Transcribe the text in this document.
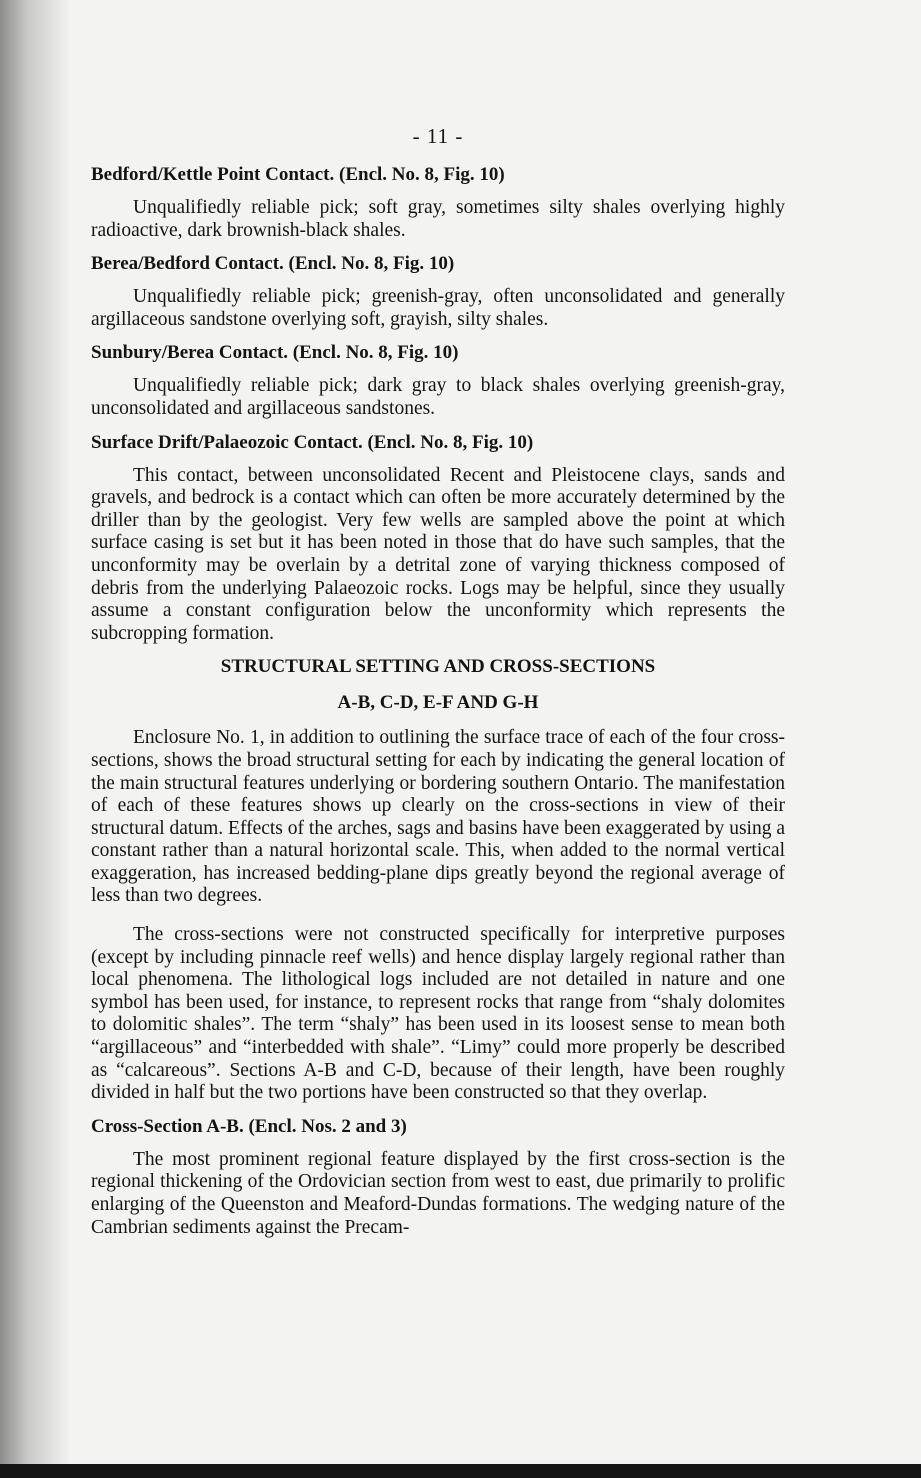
- 11 -
Bedford/Kettle Point Contact. (Encl. No. 8, Fig. 10)

Unqualifiedly reliable pick; soft gray, sometimes silty shales overlying highly radioactive, dark brownish-black shales.

Berea/Bedford Contact. (Encl. No. 8, Fig. 10)

Unqualifiedly reliable pick; greenish-gray, often unconsolidated and generally argillaceous sandstone overlying soft, grayish, silty shales.

Sunbury/Berea Contact. (Encl. No. 8, Fig. 10)

Unqualifiedly reliable pick; dark gray to black shales overlying greenish-gray, unconsolidated and argillaceous sandstones.

Surface Drift/Palaeozoic Contact. (Encl. No. 8, Fig. 10)

This contact, between unconsolidated Recent and Pleistocene clays, sands and gravels, and bedrock is a contact which can often be more accurately determined by the driller than by the geologist. Very few wells are sampled above the point at which surface casing is set but it has been noted in those that do have such samples, that the unconformity may be overlain by a detrital zone of varying thickness composed of debris from the underlying Palaeozoic rocks. Logs may be helpful, since they usually assume a constant configuration below the unconformity which represents the subcropping formation.

STRUCTURAL SETTING AND CROSS-SECTIONS
A-B, C-D, E-F AND G-H

Enclosure No. 1, in addition to outlining the surface trace of each of the four cross-sections, shows the broad structural setting for each by indicating the general location of the main structural features underlying or bordering southern Ontario. The manifestation of each of these features shows up clearly on the cross-sections in view of their structural datum. Effects of the arches, sags and basins have been exaggerated by using a constant rather than a natural horizontal scale. This, when added to the normal vertical exaggeration, has increased bedding-plane dips greatly beyond the regional average of less than two degrees.

The cross-sections were not constructed specifically for interpretive purposes (except by including pinnacle reef wells) and hence display largely regional rather than local phenomena. The lithological logs included are not detailed in nature and one symbol has been used, for instance, to represent rocks that range from “shaly dolomites to dolomitic shales”. The term “shaly” has been used in its loosest sense to mean both “argillaceous” and “interbedded with shale”. “Limy” could more properly be described as “calcareous”. Sections A-B and C-D, because of their length, have been roughly divided in half but the two portions have been constructed so that they overlap.

Cross-Section A-B. (Encl. Nos. 2 and 3)

The most prominent regional feature displayed by the first cross-section is the regional thickening of the Ordovician section from west to east, due primarily to prolific enlarging of the Queenston and Meaford-Dundas formations. The wedging nature of the Cambrian sediments against the Precam-
